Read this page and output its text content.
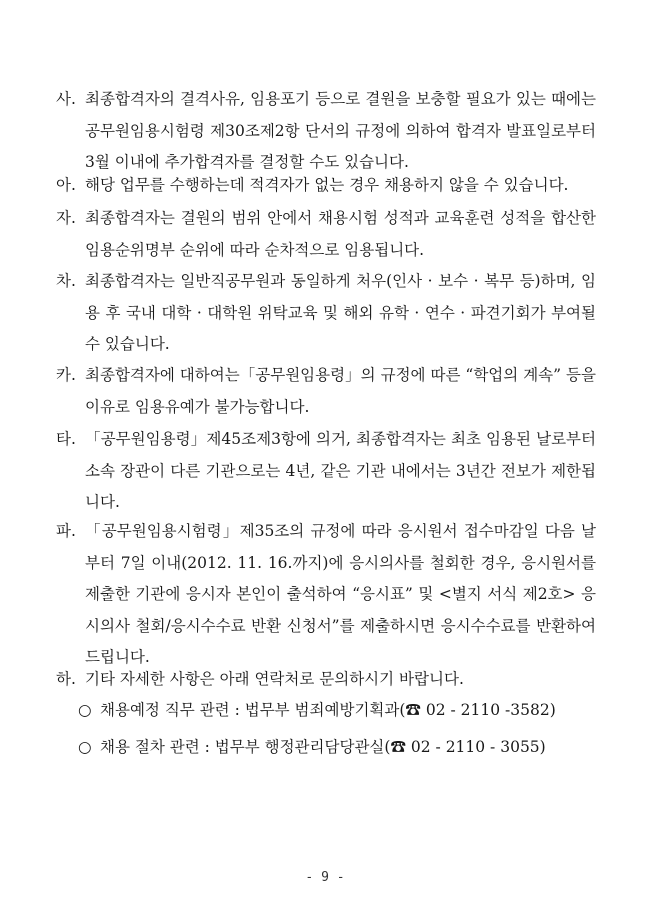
사. 최종합격자의 결격사유, 임용포기 등으로 결원을 보충할 필요가 있는 때에는 공무원임용시험령 제30조제2항 단서의 규정에 의하여 합격자 발표일로부터 3월 이내에 추가합격자를 결정할 수도 있습니다.
아. 해당 업무를 수행하는데 적격자가 없는 경우 채용하지 않을 수 있습니다.
자. 최종합격자는 결원의 범위 안에서 채용시험 성적과 교육훈련 성적을 합산한 임용순위명부 순위에 따라 순차적으로 임용됩니다.
차. 최종합격자는 일반직공무원과 동일하게 처우(인사 · 보수 · 복무 등)하며, 임용 후 국내 대학 · 대학원 위탁교육 및 해외 유학 · 연수 · 파견기회가 부여될 수 있습니다.
카. 최종합격자에 대하여는「공무원임용령」의 규정에 따른 “학업의 계속” 등을 이유로 임용유예가 불가능합니다.
타. 「공무원임용령」제45조제3항에 의거, 최종합격자는 최초 임용된 날로부터 소속 장관이 다른 기관으로는 4년, 같은 기관 내에서는 3년간 전보가 제한됩니다.
파. 「공무원임용시험령」제35조의 규정에 따라 응시원서 접수마감일 다음 날부터 7일 이내(2012. 11. 16.까지)에 응시의사를 철회한 경우, 응시원서를 제출한 기관에 응시자 본인이 출석하여 “응시표” 및 <별지 서식 제2호> 응시의사 철회/응시수수료 반환 신청서”를 제출하시면 응시수수료를 반환하여 드립니다.
하. 기타 자세한 사항은 아래 연락처로 문의하시기 바랍니다.
○ 채용예정 직무 관련 : 법무부 범죄예방기획과(☎ 02 - 2110 -3582)
○ 채용 절차 관련 : 법무부 행정관리담당관실(☎ 02 - 2110 - 3055)
- 9 -
